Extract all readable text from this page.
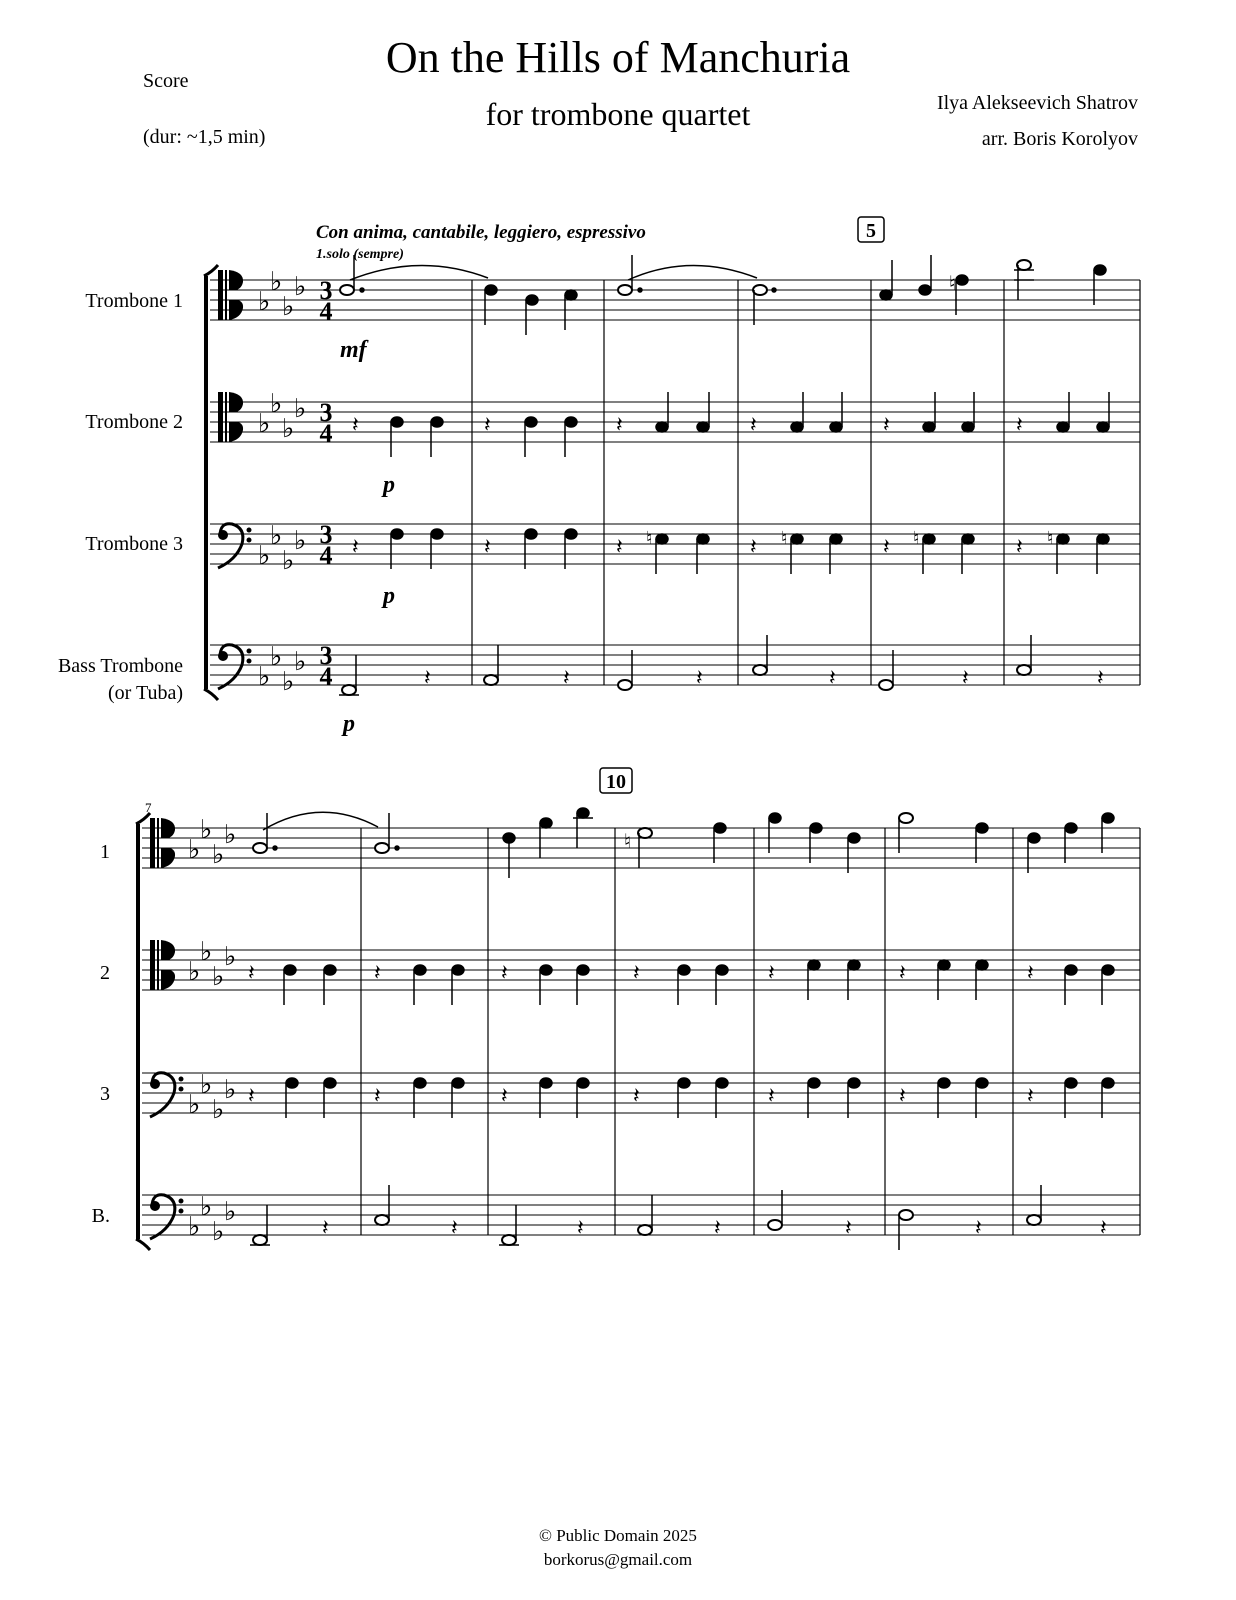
On the Hills of Manchuria
for trombone quartet
Score
(dur: ~1,5 min)
Ilya Alekseevich Shatrov
arr. Boris Korolyov
Trombone 1
Trombone 2
Trombone 3
Bass Trombone
(or Tuba)
♭
♭
♭
♭
♭
♭
♭
♭
♭
♭
♭
♭
♭
♭
♭
♭
3
4
3
4
3
4
3
4
Con anima, cantabile, leggiero, espressivo
1.solo (sempre)
5
mf
p
p
p
♮
𝄽	𝄽	𝄽	𝄽	𝄽	𝄽
𝄽	𝄽	𝄽 ♮	𝄽 ♮	𝄽 ♮	𝄽 ♮
𝄽	𝄽	𝄽	𝄽	𝄽	𝄽
7
1
2
3
B.
♭
♭
♭
♭
♭
♭
♭
♭
♭
♭
♭
♭
♭
♭
♭
♭
10
♮
𝄽	𝄽	𝄽	𝄽	𝄽	𝄽	𝄽
𝄽	𝄽	𝄽	𝄽	𝄽	𝄽	𝄽
𝄽	𝄽	𝄽	𝄽	𝄽	𝄽	𝄽
© Public Domain 2025
borkorus@gmail.com
